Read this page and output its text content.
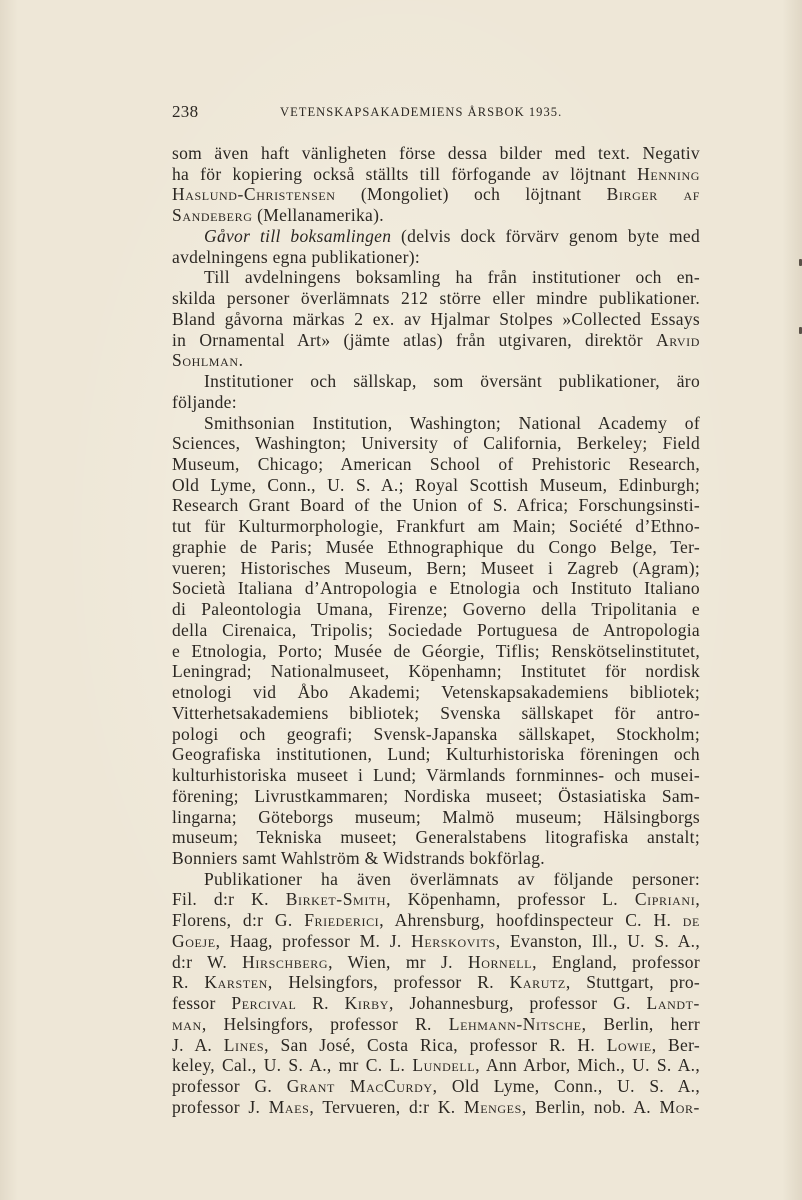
238	VETENSKAPSAKADEMIENS ÅRSBOK 1935.
som även haft vänligheten förse dessa bilder med text. Negativ
ha för kopiering också ställts till förfogande av löjtnant Henning
Haslund-Christensen (Mongoliet) och löjtnant Birger af
Sandeberg (Mellanamerika).
Gåvor till boksamlingen (delvis dock förvärv genom byte med
avdelningens egna publikationer):
Till avdelningens boksamling ha från institutioner och en-
skilda personer överlämnats 212 större eller mindre publikationer.
Bland gåvorna märkas 2 ex. av Hjalmar Stolpes »Collected Essays
in Ornamental Art» (jämte atlas) från utgivaren, direktör Arvid
Sohlman.
Institutioner och sällskap, som översänt publikationer, äro
följande:
Smithsonian Institution, Washington; National Academy of
Sciences, Washington; University of California, Berkeley; Field
Museum, Chicago; American School of Prehistoric Research,
Old Lyme, Conn., U. S. A.; Royal Scottish Museum, Edinburgh;
Research Grant Board of the Union of S. Africa; Forschungsinsti-
tut für Kulturmorphologie, Frankfurt am Main; Société d’Ethno-
graphie de Paris; Musée Ethnographique du Congo Belge, Ter-
vueren; Historisches Museum, Bern; Museet i Zagreb (Agram);
Società Italiana d’Antropologia e Etnologia och Instituto Italiano
di Paleontologia Umana, Firenze; Governo della Tripolitania e
della Cirenaica, Tripolis; Sociedade Portuguesa de Antropologia
e Etnologia, Porto; Musée de Géorgie, Tiflis; Renskötselinstitutet,
Leningrad; Nationalmuseet, Köpenhamn; Institutet för nordisk
etnologi vid Åbo Akademi; Vetenskapsakademiens bibliotek;
Vitterhetsakademiens bibliotek; Svenska sällskapet för antro-
pologi och geografi; Svensk-Japanska sällskapet, Stockholm;
Geografiska institutionen, Lund; Kulturhistoriska föreningen och
kulturhistoriska museet i Lund; Värmlands fornminnes- och musei-
förening; Livrustkammaren; Nordiska museet; Östasiatiska Sam-
lingarna; Göteborgs museum; Malmö museum; Hälsingborgs
museum; Tekniska museet; Generalstabens litografiska anstalt;
Bonniers samt Wahlström & Widstrands bokförlag.
Publikationer ha även överlämnats av följande personer:
Fil. d:r K. Birket-Smith, Köpenhamn, professor L. Cipriani,
Florens, d:r G. Friederici, Ahrensburg, hoofdinspecteur C. H. de
Goeje, Haag, professor M. J. Herskovits, Evanston, Ill., U. S. A.,
d:r W. Hirschberg, Wien, mr J. Hornell, England, professor
R. Karsten, Helsingfors, professor R. Karutz, Stuttgart, pro-
fessor Percival R. Kirby, Johannesburg, professor G. Landt-
man, Helsingfors, professor R. Lehmann-Nitsche, Berlin, herr
J. A. Lines, San José, Costa Rica, professor R. H. Lowie, Ber-
keley, Cal., U. S. A., mr C. L. Lundell, Ann Arbor, Mich., U. S. A.,
professor G. Grant MacCurdy, Old Lyme, Conn., U. S. A.,
professor J. Maes, Tervueren, d:r K. Menges, Berlin, nob. A. Mor-
